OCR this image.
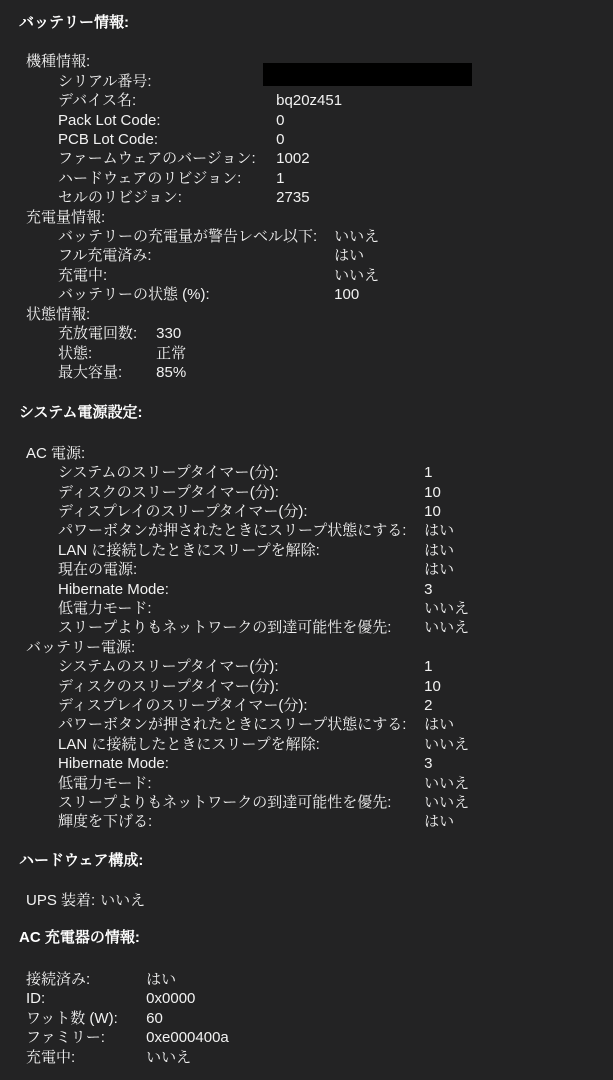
バッテリー情報:
機種情報:
シリアル番号:
デバイス名:	bq20z451
Pack Lot Code:	0
PCB Lot Code:	0
ファームウェアのバージョン: 1002
ハードウェアのリビジョン: 1
セルのリビジョン:	2735
充電量情報:
バッテリーの充電量が警告レベル以下: いいえ
フル充電済み:	はい
充電中:	いいえ
バッテリーの状態 (%):	100
状態情報:
充放電回数: 330
状態:	正常
最大容量: 85%
システム電源設定:
AC 電源:
システムのスリープタイマー(分):	1
ディスクのスリープタイマー(分):	10
ディスプレイのスリープタイマー(分):	10
パワーボタンが押されたときにスリープ状態にする: はい
LAN に接続したときにスリープを解除:	はい
現在の電源:	はい
Hibernate Mode:	3
低電力モード:	いいえ
スリープよりもネットワークの到達可能性を優先: いいえ
バッテリー電源:
システムのスリープタイマー(分):	1
ディスクのスリープタイマー(分):	10
ディスプレイのスリープタイマー(分):	2
パワーボタンが押されたときにスリープ状態にする: はい
LAN に接続したときにスリープを解除:	いいえ
Hibernate Mode:	3
低電力モード:	いいえ
スリープよりもネットワークの到達可能性を優先: いいえ
輝度を下げる:	はい
ハードウェア構成:
UPS 装着: いいえ
AC 充電器の情報:
接続済み:	はい
ID:	0x0000
ワット数 (W): 60
ファミリー:	0xe000400a
充電中:	いいえ
